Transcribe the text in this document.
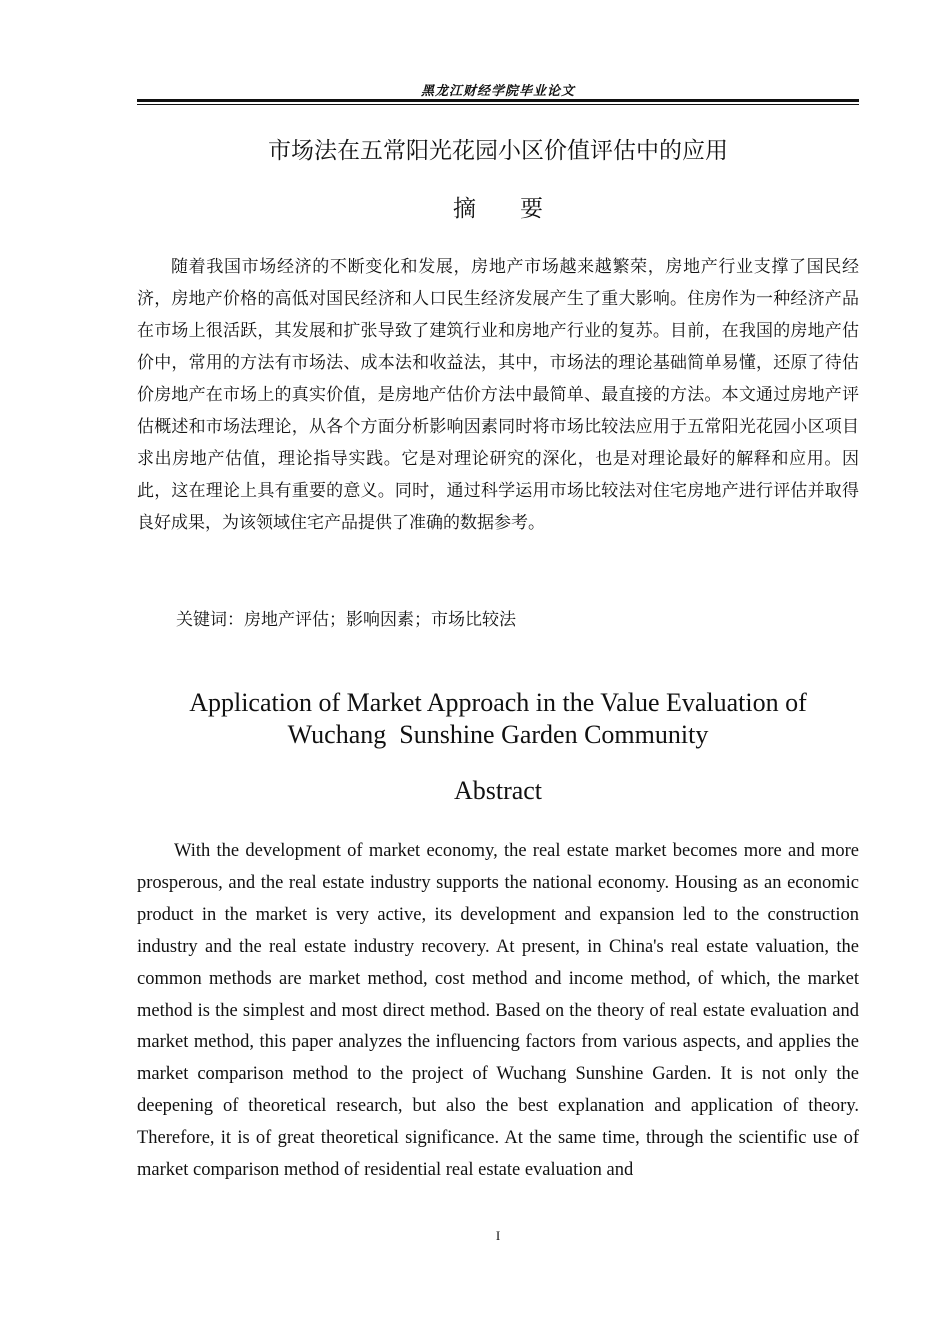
黑龙江财经学院毕业论文
市场法在五常阳光花园小区价值评估中的应用
摘要

随着我国市场经济的不断变化和发展，房地产市场越来越繁荣，房地产行业支撑了国民经济，房地产价格的高低对国民经济和人口民生经济发展产生了重大影响。住房作为一种经济产品在市场上很活跃，其发展和扩张导致了建筑行业和房地产行业的复苏。目前，在我国的房地产估价中，常用的方法有市场法、成本法和收益法，其中，市场法的理论基础简单易懂，还原了待估价房地产在市场上的真实价值，是房地产估价方法中最简单、最直接的方法。本文通过房地产评估概述和市场法理论，从各个方面分析影响因素同时将市场比较法应用于五常阳光花园小区项目求出房地产估值，理论指导实践。它是对理论研究的深化，也是对理论最好的解释和应用。因此，这在理论上具有重要的意义。同时，通过科学运用市场比较法对住宅房地产进行评估并取得良好成果，为该领域住宅产品提供了准确的数据参考。

关键词：房地产评估；影响因素；市场比较法
Application of Market Approach in the Value Evaluation of
Wuchang  Sunshine Garden Community
Abstract

With the development of market economy, the real estate market becomes more and more prosperous, and the real estate industry supports the national economy. Housing as an economic product in the market is very active, its development and expansion led to the construction industry and the real estate industry recovery. At present, in China's real estate valuation, the common methods are market method, cost method and income method, of which, the market method is the simplest and most direct method. Based on the theory of real estate evaluation and market method, this paper analyzes the influencing factors from various aspects, and applies the market comparison method to the project of Wuchang Sunshine Garden. It is not only the deepening of theoretical research, but also the best explanation and application of theory. Therefore, it is of great theoretical significance. At the same time, through the scientific use of market comparison method of residential real estate evaluation and

I
